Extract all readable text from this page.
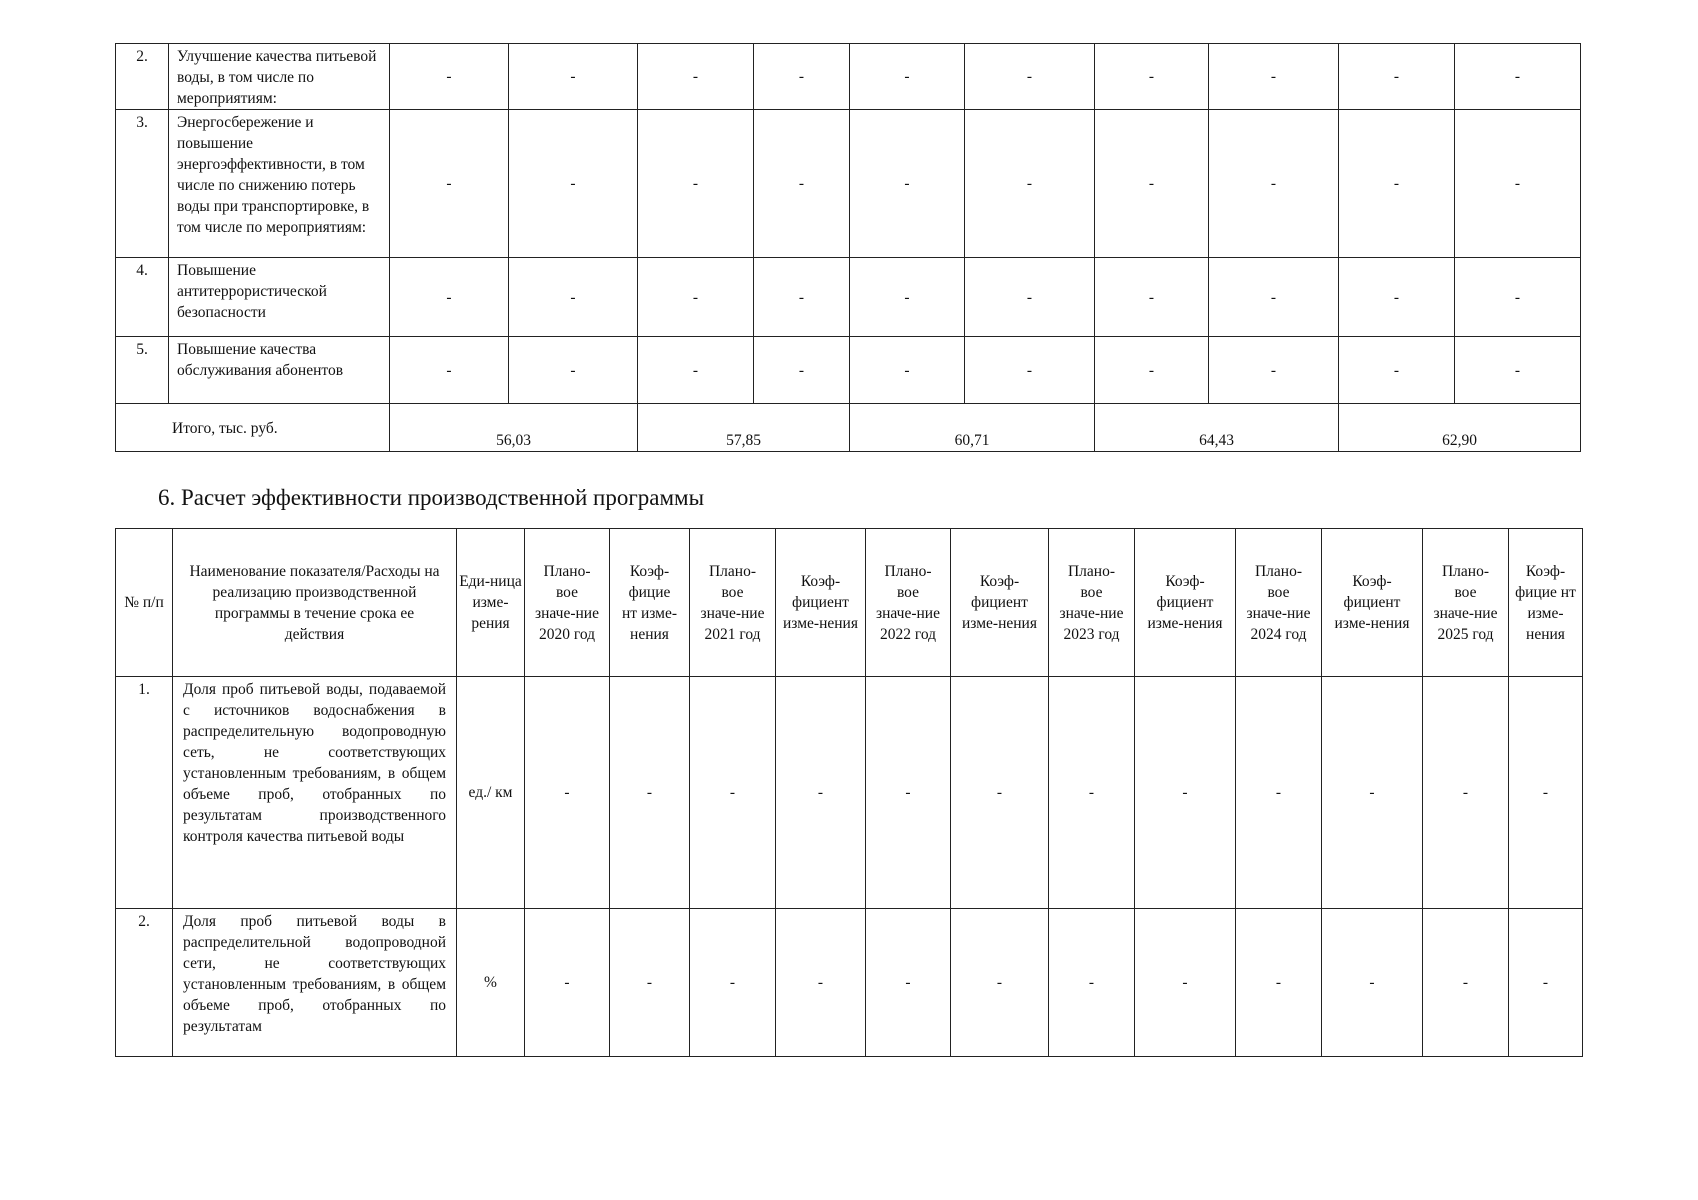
2.	Улучшение качества питьевой воды, в том числе по мероприятиям:	-	-	-	-	-	-	-	-	-	-
3.	Энергосбережение и повышение энергоэффективности, в том числе по снижению потерь воды при транспортировке, в том числе по мероприятиям:	-	-	-	-	-	-	-	-	-	-
4.	Повышение антитеррористической безопасности	-	-	-	-	-	-	-	-	-	-
5.	Повышение качества обслуживания абонентов	-	-	-	-	-	-	-	-	-	-
Итого, тыс. руб.		56,03		57,85		60,71		64,43		62,90	
6. Расчет эффективности производственной программы
№ п/п	Наименование показателя/Расходы на реализацию производственной программы в течение срока ее действия	Еди-ница изме-рения	Плано-вое значе-ние 2020 год	Коэф-фицие нт изме-нения	Плано-вое значе-ние 2021 год	Коэф-фициент изме-нения	Плано-вое значе-ние 2022 год	Коэф-фициент изме-нения	Плано-вое значе-ние 2023 год	Коэф-фициент изме-нения	Плано-вое значе-ние 2024 год	Коэф-фициент изме-нения	Плано-вое значе-ние 2025 год	Коэф-фицие нт изме-нения
1.	Доля проб питьевой воды, подаваемой с источников водоснабжения в распределительную водопроводную сеть, не соответствующих установленным требованиям, в общем объеме проб, отобранных по результатам производственного контроля качества питьевой воды	ед./ км	-	-	-	-	-	-	-	-	-	-	-	-
2.	Доля проб питьевой воды в распределительной водопроводной сети, не соответствующих установленным требованиям, в общем объеме проб, отобранных по результатам	%	-	-	-	-	-	-	-	-	-	-	-	-
